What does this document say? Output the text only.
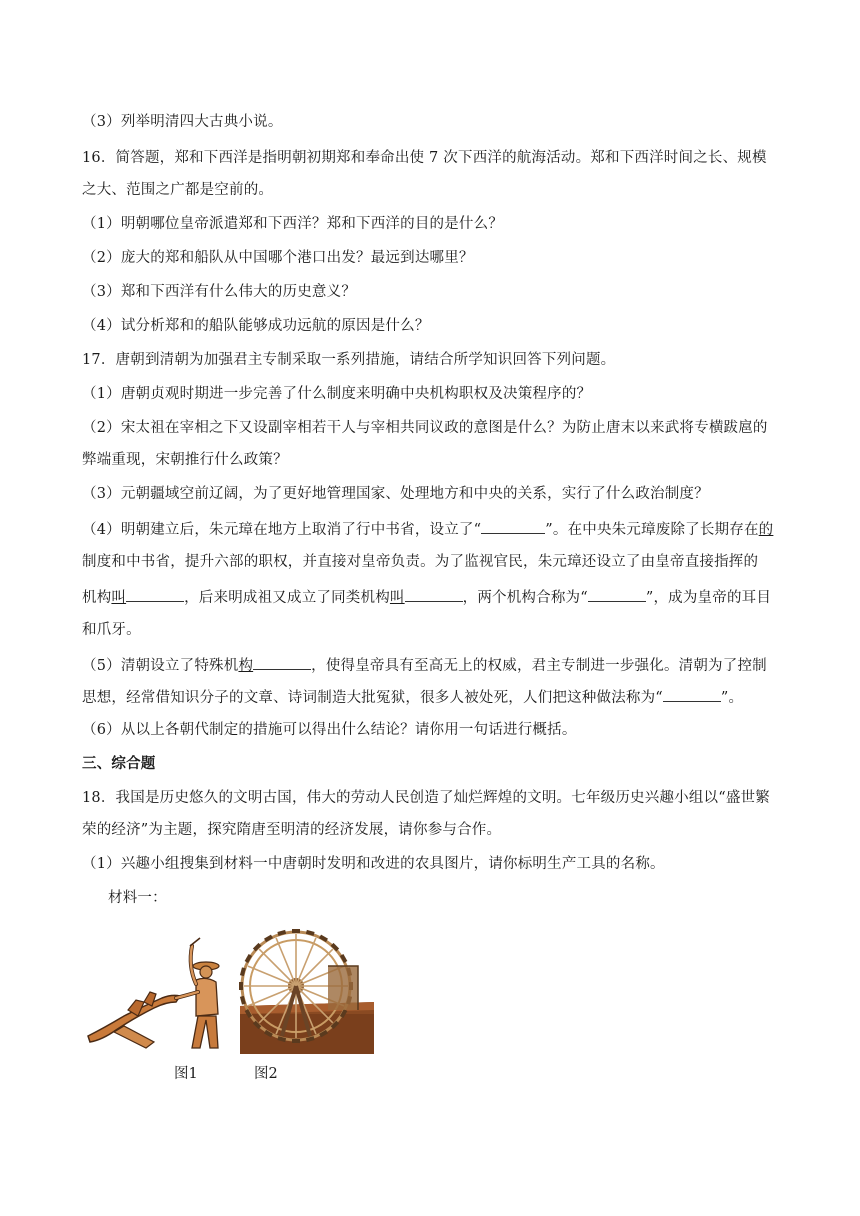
（3）列举明清四大古典小说。
16．简答题，郑和下西洋是指明朝初期郑和奉命出使 7 次下西洋的航海活动。郑和下西洋时间之长、规模
之大、范围之广都是空前的。
（1）明朝哪位皇帝派遣郑和下西洋？郑和下西洋的目的是什么？
（2）庞大的郑和船队从中国哪个港口出发？最远到达哪里？
（3）郑和下西洋有什么伟大的历史意义？
（4）试分析郑和的船队能够成功远航的原因是什么？
17．唐朝到清朝为加强君主专制采取一系列措施，请结合所学知识回答下列问题。
（1）唐朝贞观时期进一步完善了什么制度来明确中央机构职权及决策程序的？
（2）宋太祖在宰相之下又设副宰相若干人与宰相共同议政的意图是什么？为防止唐末以来武将专横跋扈的
弊端重现，宋朝推行什么政策？
（3）元朝疆域空前辽阔，为了更好地管理国家、处理地方和中央的关系，实行了什么政治制度？
（4）明朝建立后，朱元璋在地方上取消了行中书省，设立了“	”。在中央朱元璋废除了长期存在的
制度和中书省，提升六部的职权，并直接对皇帝负责。为了监视官民，朱元璋还设立了由皇帝直接指挥的
机构叫	，后来明成祖又成立了同类机构叫	，两个机构合称为“	”，成为皇帝的耳目
和爪牙。
（5）清朝设立了特殊机构	，使得皇帝具有至高无上的权威，君主专制进一步强化。清朝为了控制
思想，经常借知识分子的文章、诗词制造大批冤狱，很多人被处死，人们把这种做法称为“	”。
（6）从以上各朝代制定的措施可以得出什么结论？请你用一句话进行概括。
三、综合题
18．我国是历史悠久的文明古国，伟大的劳动人民创造了灿烂辉煌的文明。七年级历史兴趣小组以“盛世繁
荣的经济”为主题，探究隋唐至明清的经济发展，请你参与合作。
（1）兴趣小组搜集到材料一中唐朝时发明和改进的农具图片，请你标明生产工具的名称。
材料一：
图1	图2
